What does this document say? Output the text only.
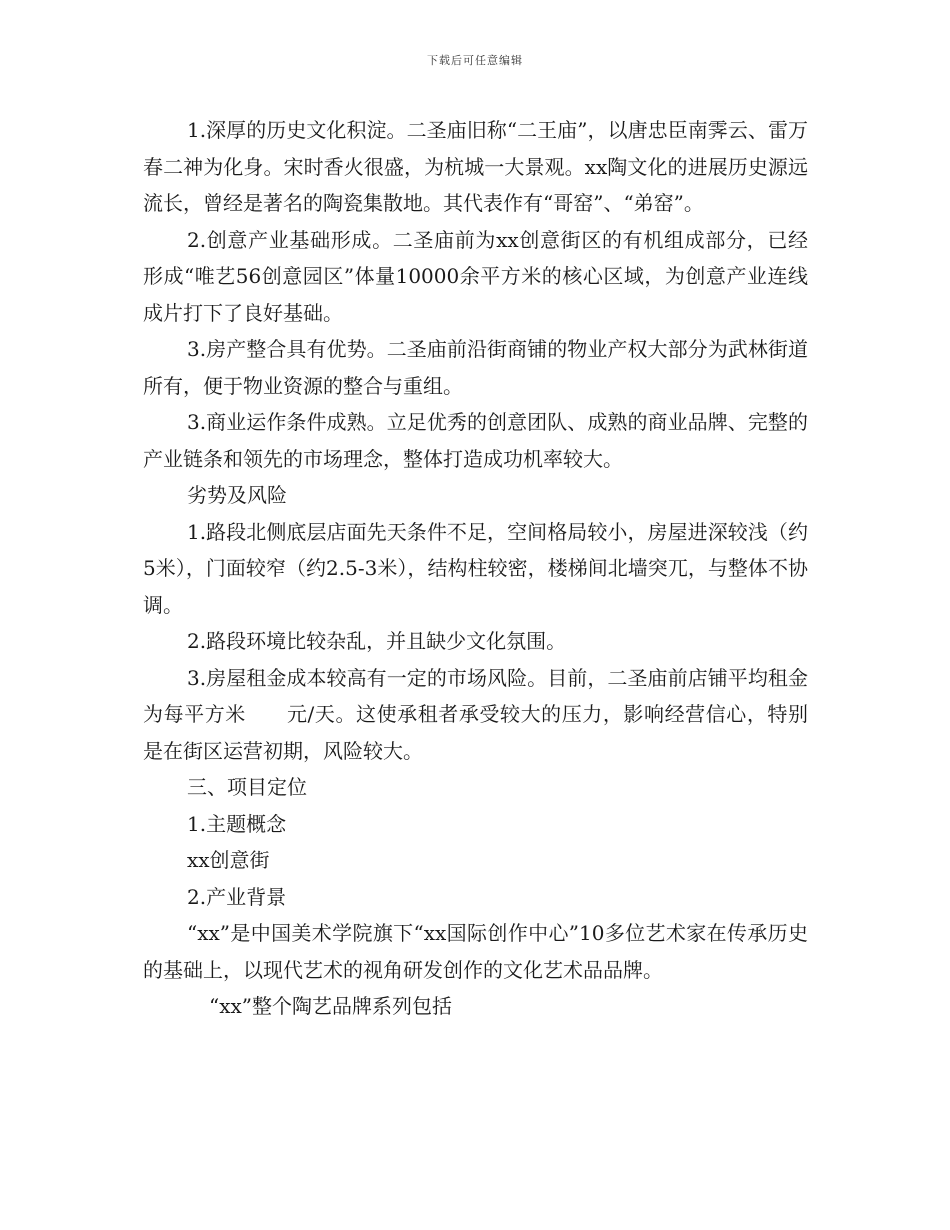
下载后可任意编辑

1.深厚的历史文化积淀。二圣庙旧称“二王庙”，以唐忠臣南霁云、雷万春二神为化身。宋时香火很盛，为杭城一大景观。xx陶文化的进展历史源远流长，曾经是著名的陶瓷集散地。其代表作有“哥窑”、“弟窑”。

2.创意产业基础形成。二圣庙前为xx创意街区的有机组成部分，已经形成“唯艺56创意园区”体量10000余平方米的核心区域，为创意产业连线成片打下了良好基础。

3.房产整合具有优势。二圣庙前沿街商铺的物业产权大部分为武林街道所有，便于物业资源的整合与重组。

3.商业运作条件成熟。立足优秀的创意团队、成熟的商业品牌、完整的产业链条和领先的市场理念，整体打造成功机率较大。

劣势及风险

1.路段北侧底层店面先天条件不足，空间格局较小，房屋进深较浅（约5米），门面较窄（约2.5-3米），结构柱较密，楼梯间北墙突兀，与整体不协调。

2.路段环境比较杂乱，并且缺少文化氛围。

3.房屋租金成本较高有一定的市场风险。目前，二圣庙前店铺平均租金为每平方米　　元/天。这使承租者承受较大的压力，影响经营信心，特别是在街区运营初期，风险较大。

三、项目定位

1.主题概念

xx创意街

2.产业背景

“xx”是中国美术学院旗下“xx国际创作中心”10多位艺术家在传承历史的基础上，以现代艺术的视角研发创作的文化艺术品品牌。

“xx”整个陶艺品牌系列包括
